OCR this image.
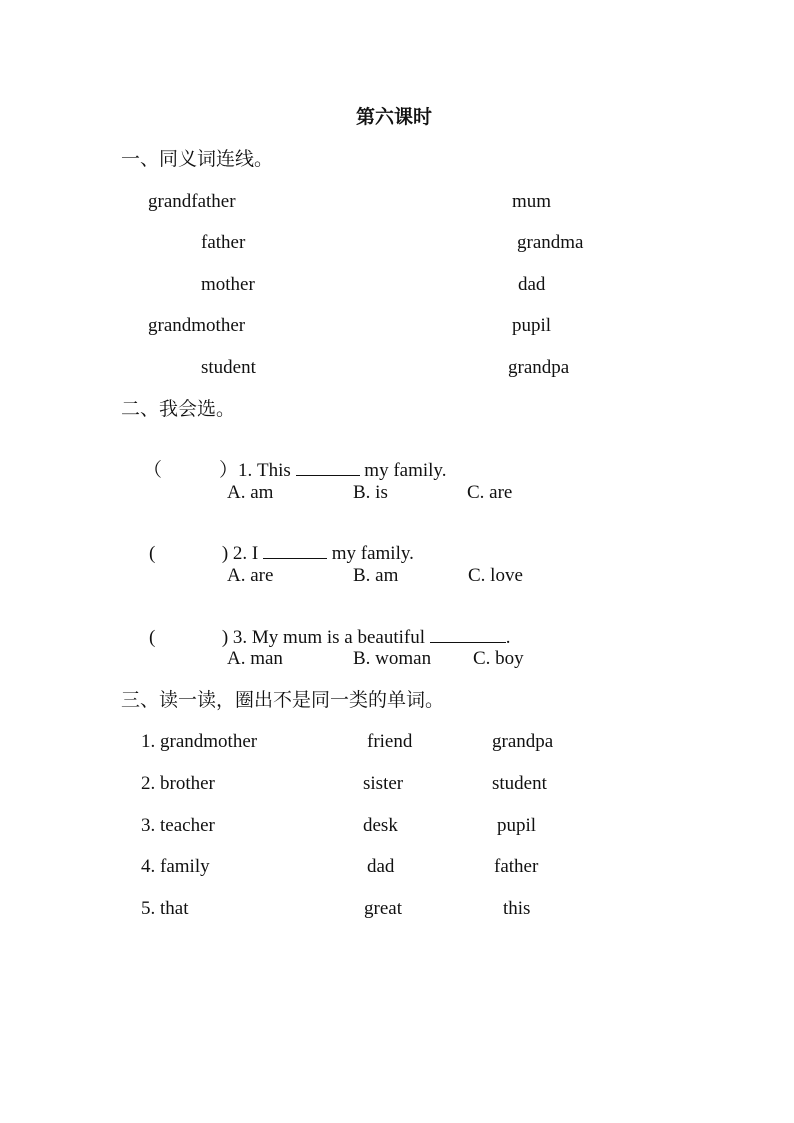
第六课时
一、同义词连线。
grandfather	mum
father	grandma
mother	dad
grandmother	pupil
student	grandpa
二、我会选。

（　　　）1. This	my family.

A. am	B. is	C. are

(              ) 2. I	my family.

A. are	B. am	C. love

(              ) 3. My mum is a beautiful	.

A. man	B. woman C. boy
三、读一读，圈出不是同一类的单词。
1. grandmother	friend	grandpa
2. brother	sister	student
3. teacher	desk	pupil
4. family	dad	father
5. that	great	this
